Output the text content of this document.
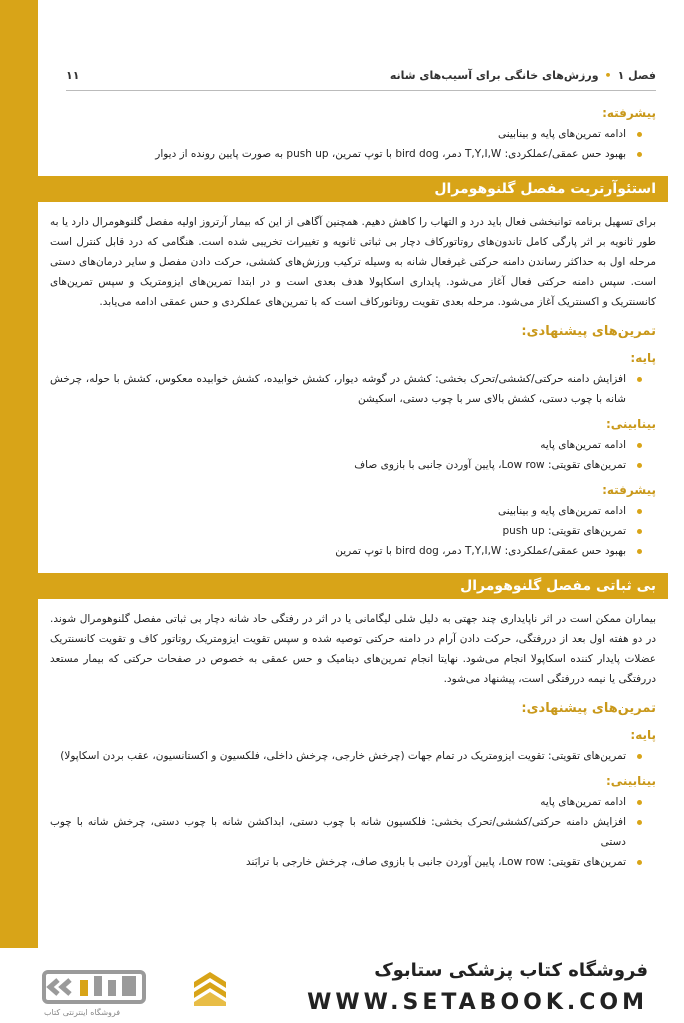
فصل ۱•ورزش‌های خانگی برای آسیب‌های شانه
۱۱
پیشرفته:
ادامه تمرین‌های پایه و بینابینی
بهبود حس عمقی/عملکردی: T,Y,I,W دمر، bird dog با توپ تمرین، push up به صورت پایین رونده از دیوار
استئوآرتریت مفصل گلنوهومرال

برای تسهیل برنامه توانبخشی فعال باید درد و التهاب را کاهش دهیم. همچنین آگاهی از این که بیمار آرتروز اولیه مفصل گلنوهومرال دارد یا به طور ثانویه بر اثر پارگی کامل تاندون‌های روتاتورکاف دچار بی ثباتی ثانویه و تغییرات تخریبی شده است. هنگامی که درد قابل کنترل است مرحله اول به حداکثر رساندن دامنه حرکتی غیرفعال شانه به وسیله ترکیب ورزش‌های کششی، حرکت دادن مفصل و سایر درمان‌های دستی است. سپس دامنه حرکتی فعال آغاز می‌شود. پایداری اسکاپولا هدف بعدی است و در ابتدا تمرین‌های ایزومتریک و سپس تمرین‌های کانسنتریک و اکسنتریک آغاز می‌شود. مرحله بعدی تقویت روتاتورکاف است که با تمرین‌های عملکردی و حس عمقی ادامه می‌یابد.

تمرین‌های پیشنهادی:
پایه:
افزایش دامنه حرکتی/کششی/تحرک بخشی: کشش در گوشه دیوار، کشش خوابیده، کشش خوابیده معکوس، کشش با حوله، چرخش شانه با چوب دستی، کشش بالای سر با چوب دستی، اسکیشن
بینابینی:
ادامه تمرین‌های پایه
تمرین‌های تقویتی: Low row، پایین آوردن جانبی با بازوی صاف
پیشرفته:
ادامه تمرین‌های پایه و بینابینی
تمرین‌های تقویتی: push up
بهبود حس عمقی/عملکردی: T,Y,I,W دمر، bird dog با توپ تمرین
بی ثباتی مفصل گلنوهومرال

بیماران ممکن است در اثر ناپایداری چند جهتی به دلیل شلی لیگامانی یا در اثر در رفتگی حاد شانه دچار بی ثباتی مفصل گلنوهومرال شوند. در دو هفته اول بعد از دررفتگی، حرکت دادن آرام در دامنه حرکتی توصیه شده و سپس تقویت ایزومتریک روتاتور کاف و تقویت کانسنتریک عضلات پایدار کننده اسکاپولا انجام می‌شود. نهایتا انجام تمرین‌های دینامیک و حس عمقی به خصوص در صفحات حرکتی که بیمار مستعد دررفتگی یا نیمه دررفتگی است، پیشنهاد می‌شود.

تمرین‌های پیشنهادی:
پایه:
تمرین‌های تقویتی: تقویت ایزومتریک در تمام جهات (چرخش خارجی، چرخش داخلی، فلکسیون و اکستانسیون، عقب بردن اسکاپولا)
بینابینی:
ادامه تمرین‌های پایه
افزایش دامنه حرکتی/کششی/تحرک بخشی: فلکسیون شانه با چوب دستی، ابداکشن شانه با چوب دستی، چرخش شانه با چوب دستی
تمرین‌های تقویتی: Low row، پایین آوردن جانبی با بازوی صاف، چرخش خارجی با ترابَند
فروشگاه کتاب پزشکی ستابوک
WWW.SETABOOK.COM
فروشگاه اینترنتی کتاب
